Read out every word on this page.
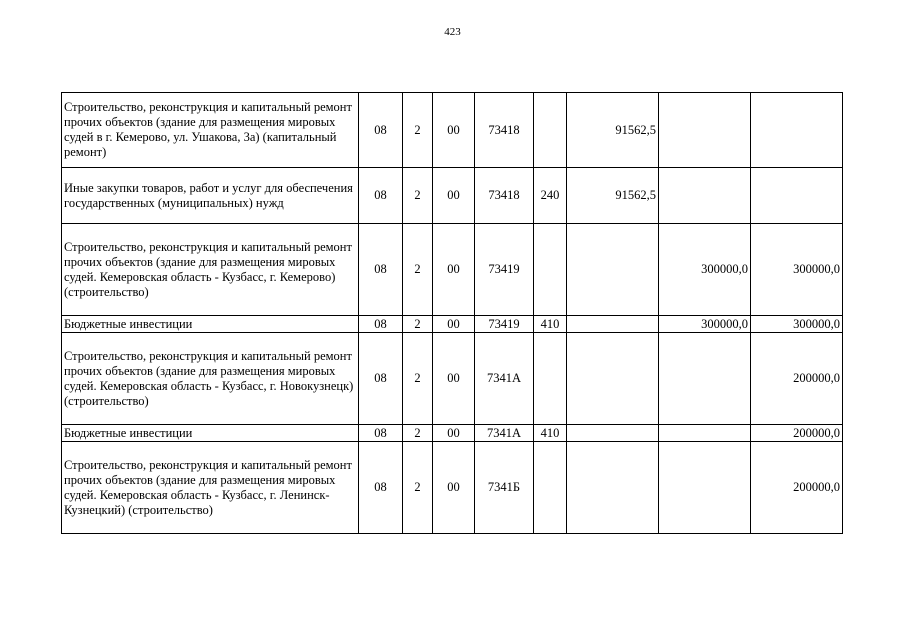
423
Строительство, реконструкция и капитальный ремонт прочих объектов (здание для размещения мировых судей в г. Кемерово, ул. Ушакова, 3а) (капитальный ремонт)	08	2	00	73418		91562,5		
Иные закупки товаров, работ и услуг для обеспечения государственных (муниципальных) нужд	08	2	00	73418	240	91562,5		
Строительство, реконструкция и капитальный ремонт прочих объектов (здание для размещения мировых судей. Кемеровская область - Кузбасс, г. Кемерово) (строительство)	08	2	00	73419			300000,0	300000,0
Бюджетные инвестиции	08	2	00	73419	410		300000,0	300000,0
Строительство, реконструкция и капитальный ремонт прочих объектов (здание для размещения мировых судей. Кемеровская область - Кузбасс, г. Новокузнецк) (строительство)	08	2	00	7341А				200000,0
Бюджетные инвестиции	08	2	00	7341А	410			200000,0
Строительство, реконструкция и капитальный ремонт прочих объектов (здание для размещения мировых судей. Кемеровская область - Кузбасс, г. Ленинск-Кузнецкий) (строительство)	08	2	00	7341Б				200000,0
